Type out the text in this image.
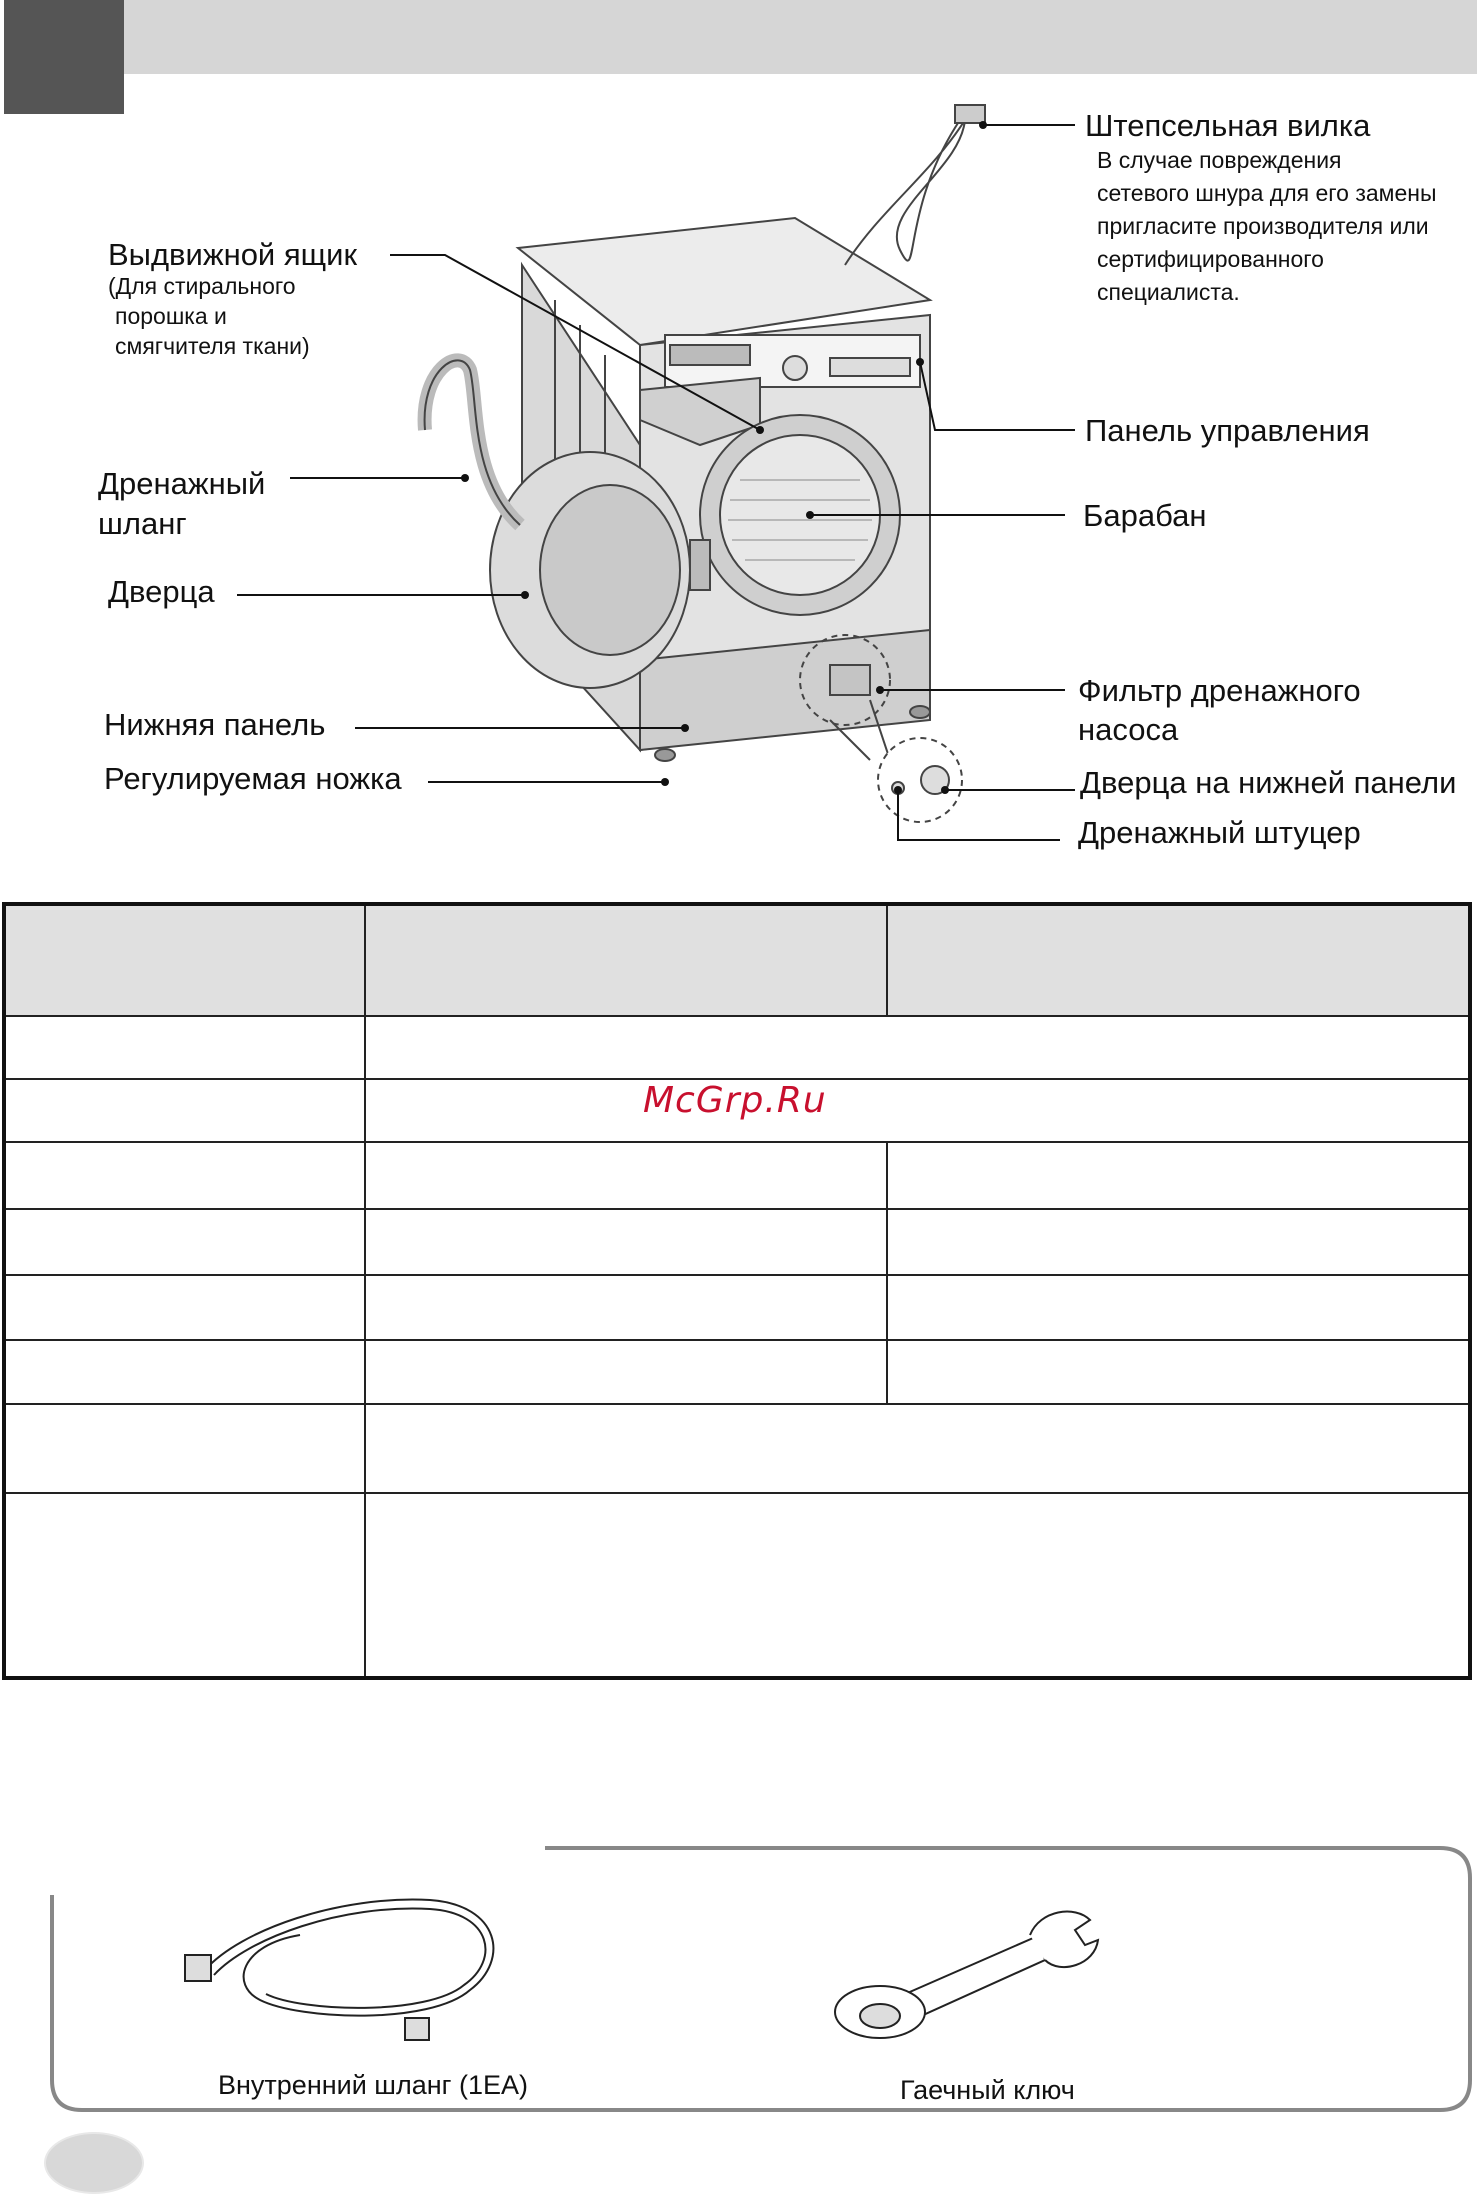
Штепсельная вилка
В случае повреждения
сетевого шнура для его замены
пригласите производителя или
сертифицированного
специалиста.
Выдвижной ящик
(Для стирального
порошка и
смягчителя ткани)
Панель управления
Дренажный
шланг	Барабан
Дверца
Фильтр дренажного
насоса
Нижняя панель
Дверца на нижней панели
Регулируемая ножка
Дренажный штуцер
McGrp.Ru
Внутренний шланг (1EA)	Гаечный ключ
